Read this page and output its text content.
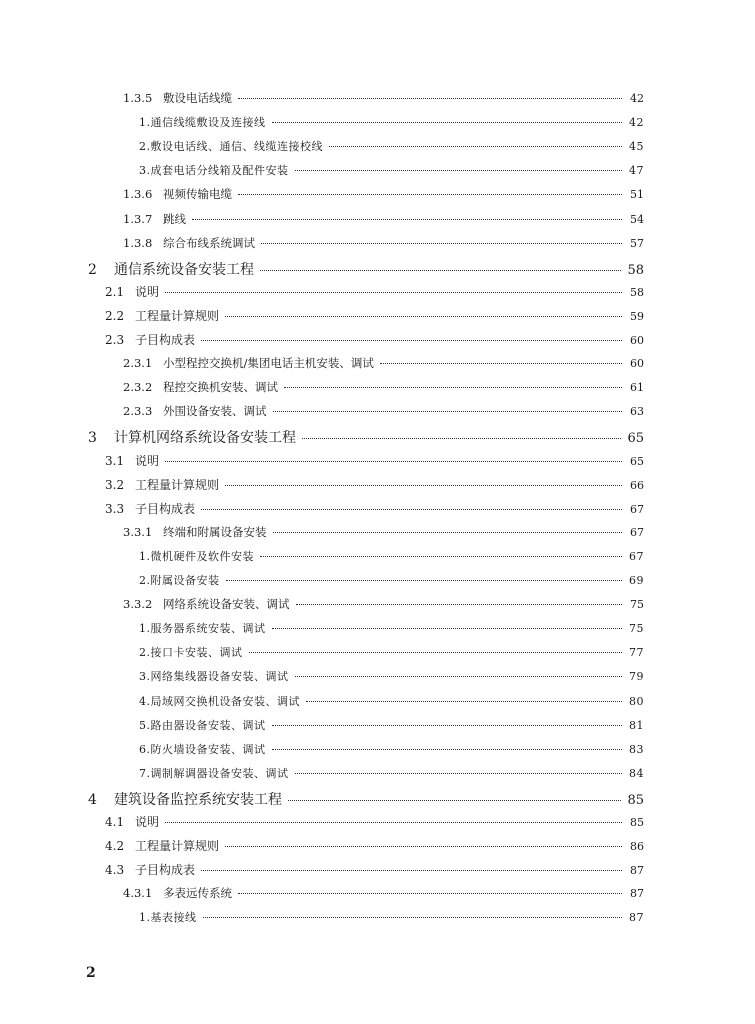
1.3.5 敷设电话线缆	42
1.通信线缆敷设及连接线	42
2.敷设电话线、通信、线缆连接校线	45
3.成套电话分线箱及配件安装	47
1.3.6 视频传输电缆	51
1.3.7 跳线	54
1.3.8 综合布线系统调试	57
2	通信系统设备安装工程	58
2.1 说明	58
2.2 工程量计算规则	59
2.3 子目构成表	60
2.3.1 小型程控交换机/集团电话主机安装、调试	60
2.3.2 程控交换机安装、调试	61
2.3.3 外围设备安装、调试	63
3	计算机网络系统设备安装工程	65
3.1 说明	65
3.2 工程量计算规则	66
3.3 子目构成表	67
3.3.1 终端和附属设备安装	67
1.微机硬件及软件安装	67
2.附属设备安装	69
3.3.2 网络系统设备安装、调试	75
1.服务器系统安装、调试	75
2.接口卡安装、调试	77
3.网络集线器设备安装、调试	79
4.局域网交换机设备安装、调试	80
5.路由器设备安装、调试	81
6.防火墙设备安装、调试	83
7.调制解调器设备安装、调试	84
4	建筑设备监控系统安装工程	85
4.1 说明	85
4.2 工程量计算规则	86
4.3 子目构成表	87
4.3.1 多表远传系统	87
1.基表接线	87
2
